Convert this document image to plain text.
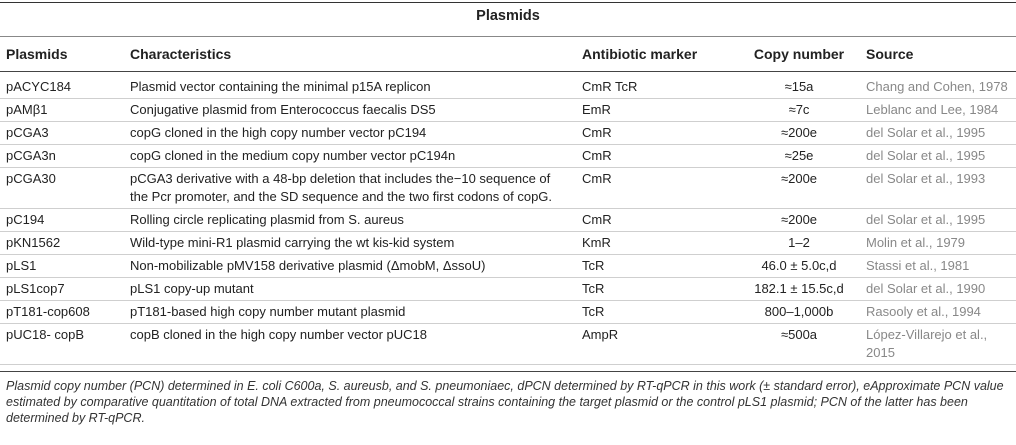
Plasmids
Plasmids	Characteristics	Antibiotic marker	Copy number	Source
pACYC184	Plasmid vector containing the minimal p15A replicon	CmR TcR	≈15a	Chang and Cohen, 1978
pAMβ1	Conjugative plasmid from Enterococcus faecalis DS5	EmR	≈7c	Leblanc and Lee, 1984
pCGA3	copG cloned in the high copy number vector pC194	CmR	≈200e	del Solar et al., 1995
pCGA3n	copG cloned in the medium copy number vector pC194n	CmR	≈25e	del Solar et al., 1995
pCGA30	pCGA3 derivative with a 48-bp deletion that includes the−10 sequence of the Pcr promoter, and the SD sequence and the two first codons of copG.	CmR	≈200e	del Solar et al., 1993
pC194	Rolling circle replicating plasmid from S. aureus	CmR	≈200e	del Solar et al., 1995
pKN1562	Wild-type mini-R1 plasmid carrying the wt kis-kid system	KmR	1–2	Molin et al., 1979
pLS1	Non-mobilizable pMV158 derivative plasmid (ΔmobM, ΔssoU)	TcR	46.0 ± 5.0c,d	Stassi et al., 1981
pLS1cop7	pLS1 copy-up mutant	TcR	182.1 ± 15.5c,d	del Solar et al., 1990
pT181-cop608	pT181-based high copy number mutant plasmid	TcR	800–1,000b	Rasooly et al., 1994
pUC18- copB	copB cloned in the high copy number vector pUC18	AmpR	≈500a	López-Villarejo et al., 2015
Plasmid copy number (PCN) determined in E. coli C600a, S. aureusb, and S. pneumoniaec, dPCN determined by RT-qPCR in this work (± standard error), eApproximate PCN value estimated by comparative quantitation of total DNA extracted from pneumococcal strains containing the target plasmid or the control pLS1 plasmid; PCN of the latter has been determined by RT-qPCR.
